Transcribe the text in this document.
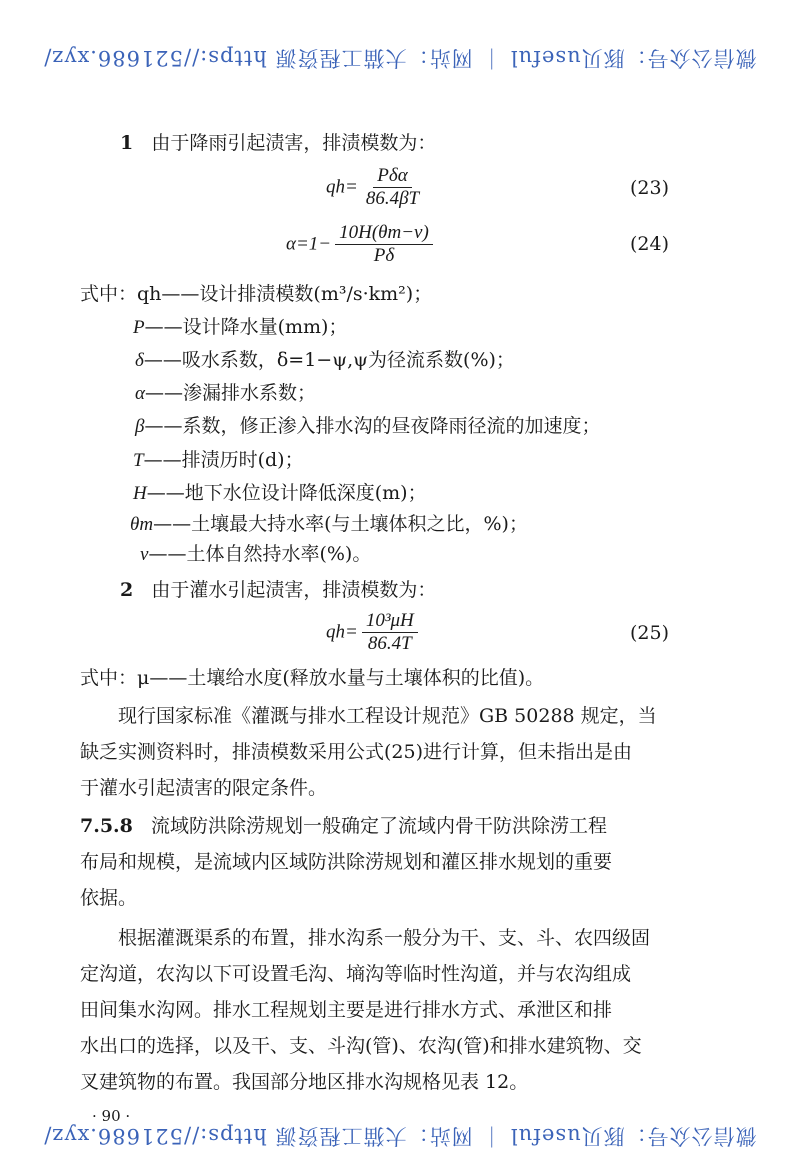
微信公众号：豚贝useful ｜ 网站：大猫工程资源 https://521686.xyz/
1 由于降雨引起渍害，排渍模数为：
$qh= \frac{\text{Pδα}}{86.4\beta T}$	(23)
$\alpha=1- \frac{10H(\theta m-\nu)}{P\delta}$	(24)
式中：qh——设计排渍模数(m³/s·km²)；
P——设计降水量(mm)；
δ——吸水系数，δ=1−ψ,ψ为径流系数(%)；
α——渗漏排水系数；
β——系数，修正渗入排水沟的昼夜降雨径流的加速度；
T——排渍历时(d)；
H——地下水位设计降低深度(m)；
θm——土壤最大持水率(与土壤体积之比，%)；
ν——土体自然持水率(%)。
2 由于灌水引起渍害，排渍模数为：
$qh= \frac{\text{10³μH}}{86.4T}$	(25)
式中：μ——土壤给水度(释放水量与土壤体积的比值)。
现行国家标准《灌溉与排水工程设计规范》GB 50288 规定，当
缺乏实测资料时，排渍模数采用公式(25)进行计算，但未指出是由
于灌水引起渍害的限定条件。
7.5.8 流域防洪除涝规划一般确定了流域内骨干防洪除涝工程
布局和规模，是流域内区域防洪除涝规划和灌区排水规划的重要
依据。
根据灌溉渠系的布置，排水沟系一般分为干、支、斗、农四级固
定沟道，农沟以下可设置毛沟、墒沟等临时性沟道，并与农沟组成
田间集水沟网。排水工程规划主要是进行排水方式、承泄区和排
水出口的选择，以及干、支、斗沟(管)、农沟(管)和排水建筑物、交
叉建筑物的布置。我国部分地区排水沟规格见表 12。
· 90 ·
微信公众号：豚贝useful ｜ 网站：大猫工程资源 https://521686.xyz/
